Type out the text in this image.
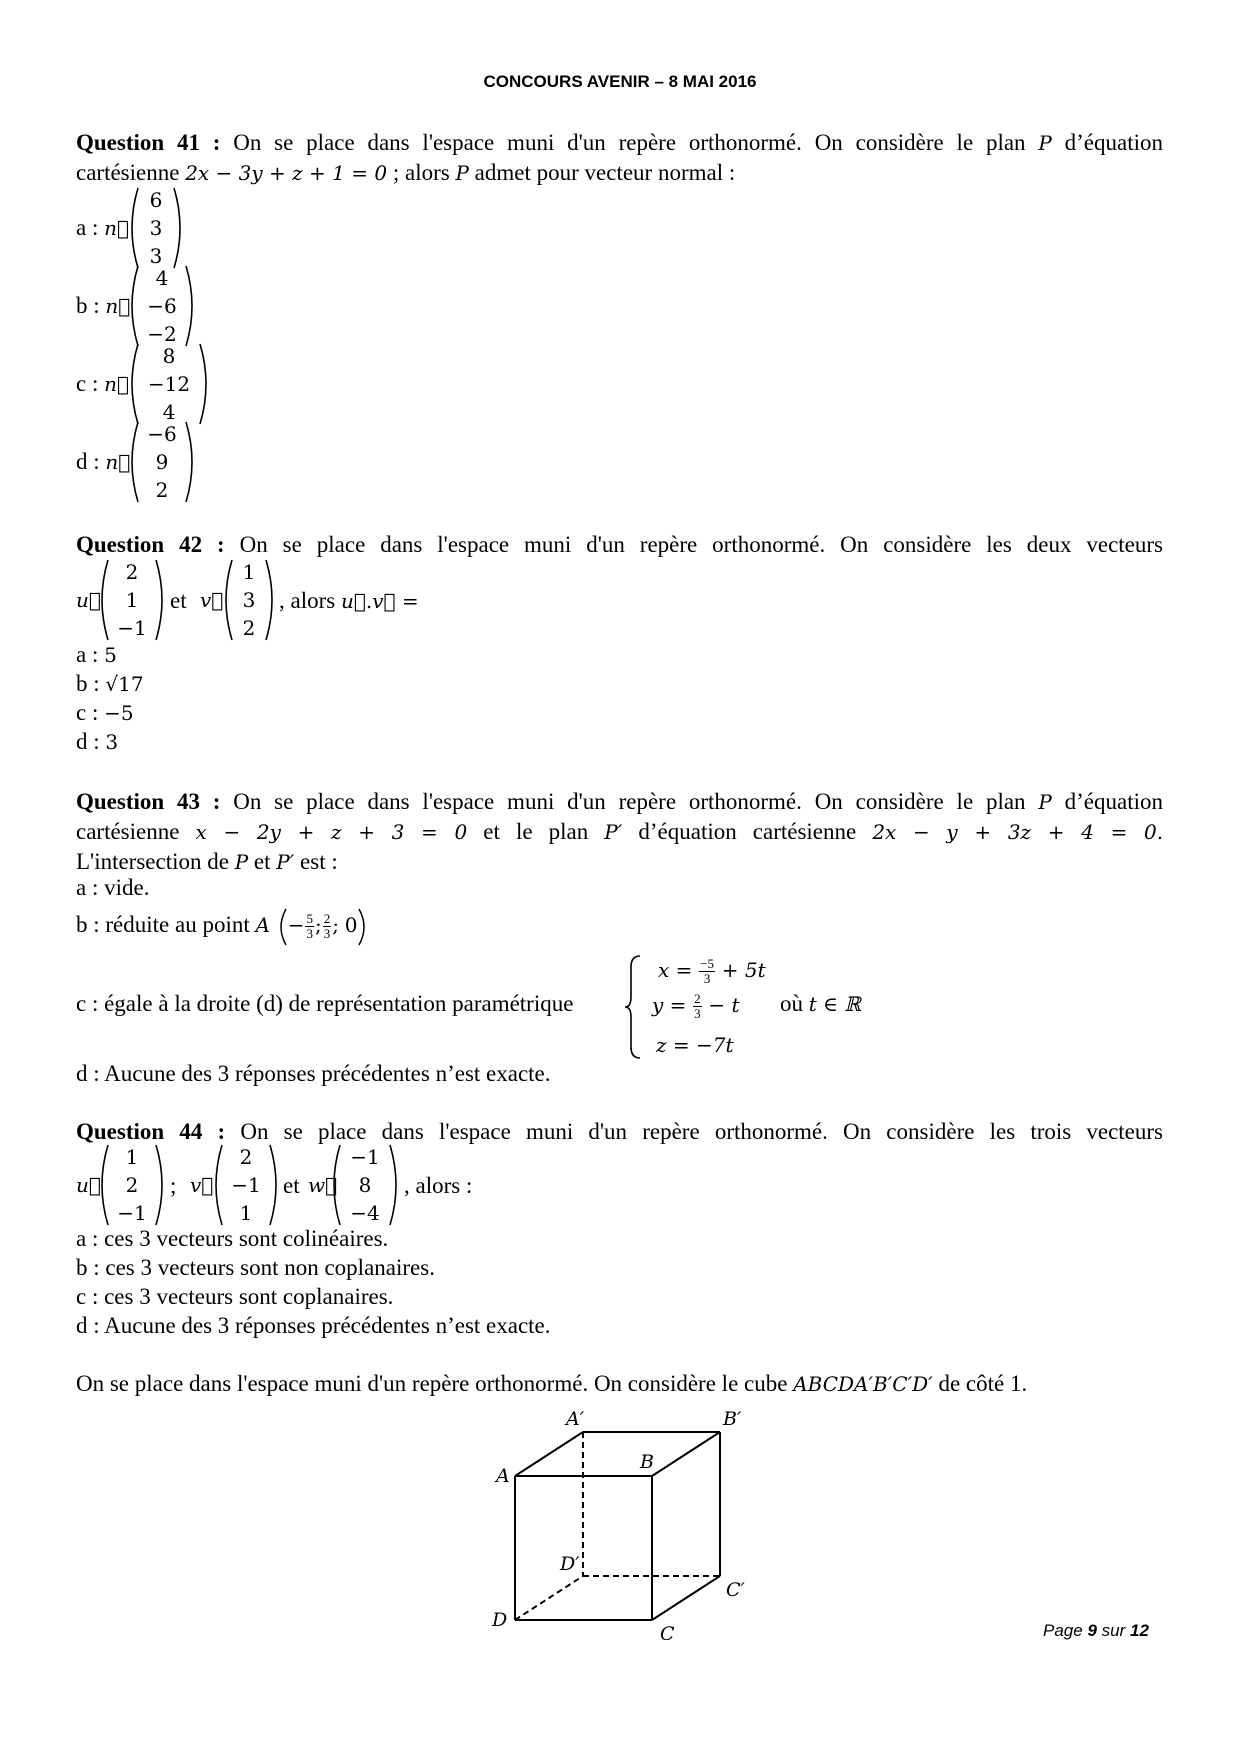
CONCOURS AVENIR – 8 MAI 2016
Question 41 : On se place dans l'espace muni d'un repère orthonormé. On considère le plan P d’équation
cartésienne 2x − 3y + z + 1 = 0 ; alors P admet pour vecteur normal :
a : n⃗
6
3
3
b : n⃗
4
−6
−2
c : n⃗
8
−12
4
d : n⃗
−6
9
2
Question 42 : On se place dans l'espace muni d'un repère orthonormé. On considère les deux vecteurs
u⃗
2
1
−1
et v⃗
1
3
2
, alors u⃗.v⃗ =
a : 5
b : √17
c : −5
d : 3
Question 43 : On se place dans l'espace muni d'un repère orthonormé. On considère le plan P d’équation
cartésienne x − 2y + z + 3 = 0 et le plan P′ d’équation cartésienne 2x − y + 3z + 4 = 0.
L'intersection de P et P′ est :
a : vide.
b : réduite au point $A - \frac{5}{3}$ ; $\frac{2}{3}$ ; 0
c : égale à la droite (d) de représentation paramétrique
$x = \frac{-5}{3} + 5t$
$y = \frac{2}{3} - t$
z = −7t
où t ∈ ℝ
d : Aucune des 3 réponses précédentes n’est exacte.
Question 44 : On se place dans l'espace muni d'un repère orthonormé. On considère les trois vecteurs
u⃗
1
2
−1
; v⃗
2
−1
1
et w⃗
−1
8
−4
, alors :
a : ces 3 vecteurs sont colinéaires.
b : ces 3 vecteurs sont non coplanaires.
c : ces 3 vecteurs sont coplanaires.
d : Aucune des 3 réponses précédentes n’est exacte.
On se place dans l'espace muni d'un repère orthonormé. On considère le cube ABCDA′B′C′D′ de côté 1.
A′	B′
A
B
D′
C′
D
C	Page 9 sur 12
